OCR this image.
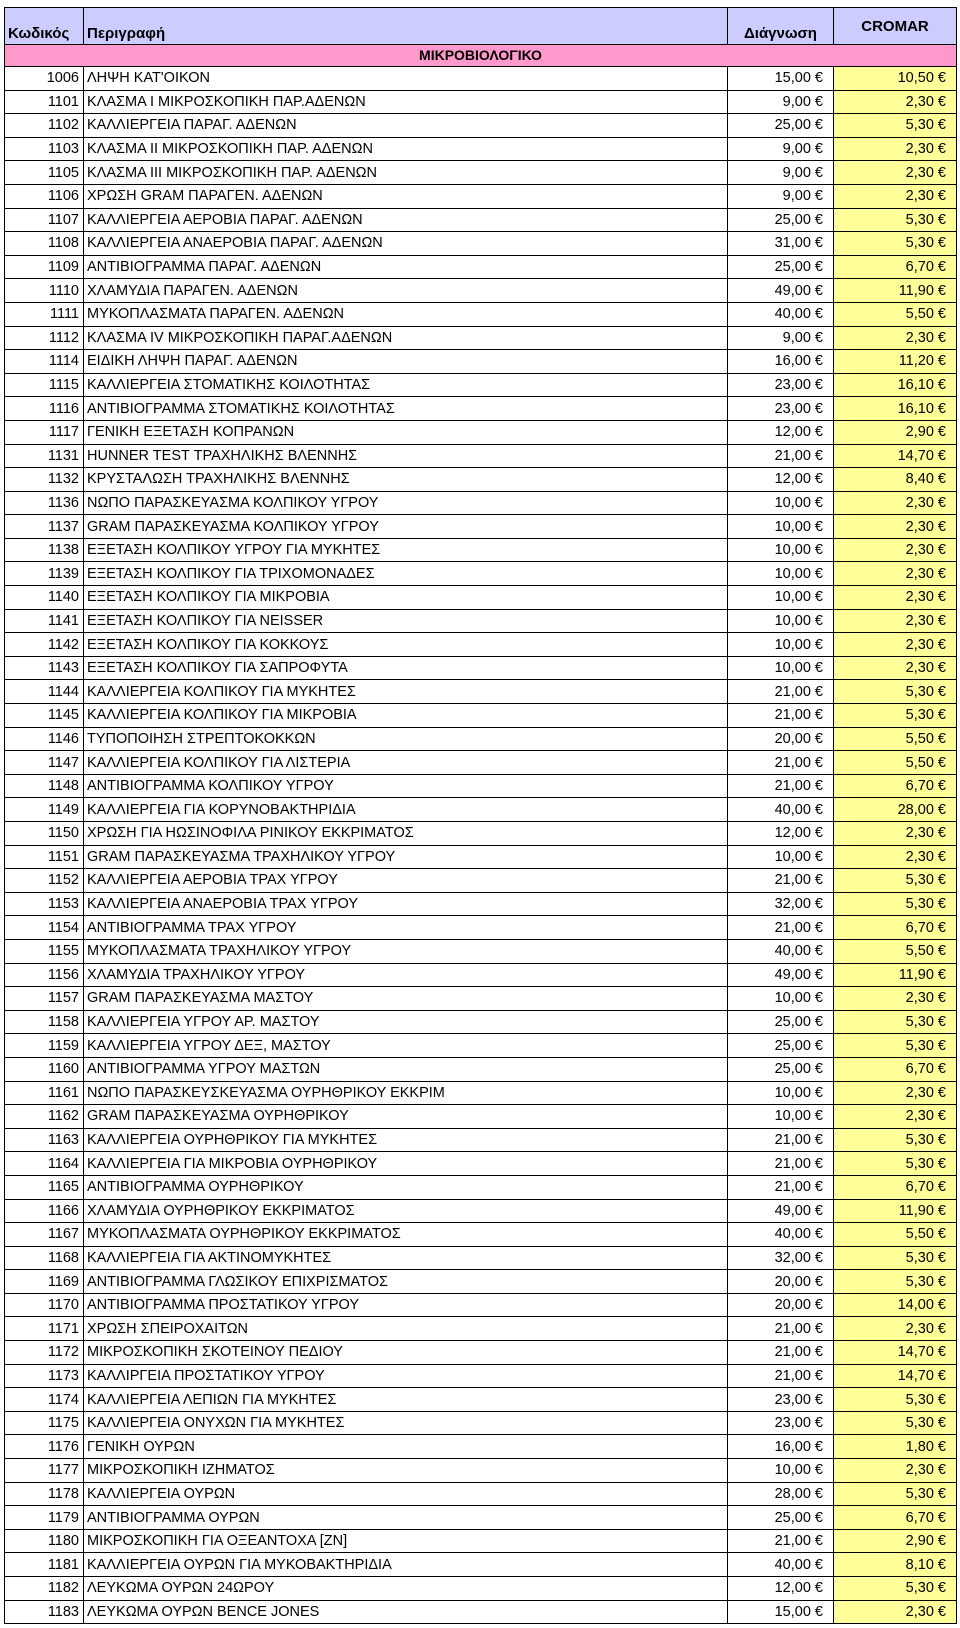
Κωδικός	Περιγραφή	Διάγνωση	CROMAR
ΜΙΚΡΟΒΙΟΛΟΓΙΚΟ			
1006	ΛΗΨΗ ΚΑΤ'ΟΙΚΟΝ	15,00 €	10,50 €
1101	ΚΛΑΣΜΑ Ι ΜΙΚΡΟΣΚΟΠΙΚΗ ΠΑΡ.ΑΔΕΝΩΝ	9,00 €	2,30 €
1102	ΚΑΛΛΙΕΡΓΕΙΑ ΠΑΡΑΓ. ΑΔΕΝΩΝ	25,00 €	5,30 €
1103	ΚΛΑΣΜΑ ΙΙ ΜΙΚΡΟΣΚΟΠΙΚΗ ΠΑΡ. ΑΔΕΝΩΝ	9,00 €	2,30 €
1105	ΚΛΑΣΜΑ ΙΙΙ ΜΙΚΡΟΣΚΟΠΙΚΗ ΠΑΡ. ΑΔΕΝΩΝ	9,00 €	2,30 €
1106	ΧΡΩΣΗ GRAM ΠΑΡΑΓΕΝ. ΑΔΕΝΩΝ	9,00 €	2,30 €
1107	ΚΑΛΛΙΕΡΓΕΙΑ ΑΕΡΟΒΙΑ ΠΑΡΑΓ. ΑΔΕΝΩΝ	25,00 €	5,30 €
1108	ΚΑΛΛΙΕΡΓΕΙΑ ΑΝΑΕΡΟΒΙΑ ΠΑΡΑΓ. ΑΔΕΝΩΝ	31,00 €	5,30 €
1109	ΑΝΤΙΒΙΟΓΡΑΜΜΑ ΠΑΡΑΓ. ΑΔΕΝΩΝ	25,00 €	6,70 €
1110	ΧΛΑΜΥΔΙΑ ΠΑΡΑΓΕΝ. ΑΔΕΝΩΝ	49,00 €	11,90 €
1111	ΜΥΚΟΠΛΑΣΜΑΤΑ ΠΑΡΑΓΕΝ. ΑΔΕΝΩΝ	40,00 €	5,50 €
1112	ΚΛΑΣΜΑ IV ΜΙΚΡΟΣΚΟΠΙΚΗ ΠΑΡΑΓ.ΑΔΕΝΩΝ	9,00 €	2,30 €
1114	ΕΙΔΙΚΗ ΛΗΨΗ ΠΑΡΑΓ. ΑΔΕΝΩΝ	16,00 €	11,20 €
1115	ΚΑΛΛΙΕΡΓΕΙΑ ΣΤΟΜΑΤΙΚΗΣ ΚΟΙΛΟΤΗΤΑΣ	23,00 €	16,10 €
1116	ΑΝΤΙΒΙΟΓΡΑΜΜΑ ΣΤΟΜΑΤΙΚΗΣ ΚΟΙΛΟΤΗΤΑΣ	23,00 €	16,10 €
1117	ΓΕΝΙΚΗ ΕΞΕΤΑΣΗ ΚΟΠΡΑΝΩΝ	12,00 €	2,90 €
1131	HUNNER TEST ΤΡΑΧΗΛΙΚΗΣ ΒΛΕΝΝΗΣ	21,00 €	14,70 €
1132	ΚΡΥΣΤΑΛΩΣΗ ΤΡΑΧΗΛΙΚΗΣ ΒΛΕΝΝΗΣ	12,00 €	8,40 €
1136	ΝΩΠΟ ΠΑΡΑΣΚΕΥΑΣΜΑ ΚΟΛΠΙΚΟΥ ΥΓΡΟΥ	10,00 €	2,30 €
1137	GRAM ΠΑΡΑΣΚΕΥΑΣΜΑ ΚΟΛΠΙΚΟΥ ΥΓΡΟΥ	10,00 €	2,30 €
1138	ΕΞΕΤΑΣΗ ΚΟΛΠΙΚΟΥ ΥΓΡΟΥ ΓΙΑ ΜΥΚΗΤΕΣ	10,00 €	2,30 €
1139	ΕΞΕΤΑΣΗ ΚΟΛΠΙΚΟΥ ΓΙΑ ΤΡΙΧΟΜΟΝΑΔΕΣ	10,00 €	2,30 €
1140	ΕΞΕΤΑΣΗ ΚΟΛΠΙΚΟΥ ΓΙΑ ΜΙΚΡΟΒΙΑ	10,00 €	2,30 €
1141	ΕΞΕΤΑΣΗ ΚΟΛΠΙΚΟΥ ΓΙΑ NEISSER	10,00 €	2,30 €
1142	ΕΞΕΤΑΣΗ ΚΟΛΠΙΚΟΥ ΓΙΑ ΚΟΚΚΟΥΣ	10,00 €	2,30 €
1143	ΕΞΕΤΑΣΗ ΚΟΛΠΙΚΟΥ ΓΙΑ ΣΑΠΡΟΦΥΤΑ	10,00 €	2,30 €
1144	ΚΑΛΛΙΕΡΓΕΙΑ ΚΟΛΠΙΚΟΥ ΓΙΑ ΜΥΚΗΤΕΣ	21,00 €	5,30 €
1145	ΚΑΛΛΙΕΡΓΕΙΑ ΚΟΛΠΙΚΟΥ ΓΙΑ ΜΙΚΡΟΒΙΑ	21,00 €	5,30 €
1146	ΤΥΠΟΠΟΙΗΣΗ ΣΤΡΕΠΤΟΚΟΚΚΩΝ	20,00 €	5,50 €
1147	ΚΑΛΛΙΕΡΓΕΙΑ ΚΟΛΠΙΚΟΥ ΓΙΑ ΛΙΣΤΕΡΙΑ	21,00 €	5,50 €
1148	ΑΝΤΙΒΙΟΓΡΑΜΜΑ ΚΟΛΠΙΚΟΥ ΥΓΡΟΥ	21,00 €	6,70 €
1149	ΚΑΛΛΙΕΡΓΕΙΑ ΓΙΑ ΚΟΡΥΝΟΒΑΚΤΗΡΙΔΙΑ	40,00 €	28,00 €
1150	ΧΡΩΣΗ ΓΙΑ ΗΩΣΙΝΟΦΙΛΑ ΡΙΝΙΚΟΥ ΕΚΚΡΙΜΑΤΟΣ	12,00 €	2,30 €
1151	GRAM ΠΑΡΑΣΚΕΥΑΣΜΑ ΤΡΑΧΗΛΙΚΟΥ ΥΓΡΟΥ	10,00 €	2,30 €
1152	ΚΑΛΛΙΕΡΓΕΙΑ ΑΕΡΟΒΙΑ ΤΡΑΧ ΥΓΡΟΥ	21,00 €	5,30 €
1153	ΚΑΛΛΙΕΡΓΕΙΑ ΑΝΑΕΡΟΒΙΑ ΤΡΑΧ ΥΓΡΟΥ	32,00 €	5,30 €
1154	ΑΝΤΙΒΙΟΓΡΑΜΜΑ ΤΡΑΧ ΥΓΡΟΥ	21,00 €	6,70 €
1155	ΜΥΚΟΠΛΑΣΜΑΤΑ ΤΡΑΧΗΛΙΚΟΥ ΥΓΡΟΥ	40,00 €	5,50 €
1156	ΧΛΑΜΥΔΙΑ ΤΡΑΧΗΛΙΚΟΥ ΥΓΡΟΥ	49,00 €	11,90 €
1157	GRAM ΠΑΡΑΣΚΕΥΑΣΜΑ ΜΑΣΤΟΥ	10,00 €	2,30 €
1158	ΚΑΛΛΙΕΡΓΕΙΑ ΥΓΡΟΥ ΑΡ. ΜΑΣΤΟΥ	25,00 €	5,30 €
1159	ΚΑΛΛΙΕΡΓΕΙΑ ΥΓΡΟΥ ΔΕΞ, ΜΑΣΤΟΥ	25,00 €	5,30 €
1160	ΑΝΤΙΒΙΟΓΡΑΜΜΑ ΥΓΡΟΥ ΜΑΣΤΩΝ	25,00 €	6,70 €
1161	ΝΩΠΟ ΠΑΡΑΣΚΕΥΣΚΕΥΑΣΜΑ ΟΥΡΗΘΡΙΚΟΥ ΕΚΚΡΙΜ	10,00 €	2,30 €
1162	GRAM ΠΑΡΑΣΚΕΥΑΣΜΑ ΟΥΡΗΘΡΙΚΟΥ	10,00 €	2,30 €
1163	ΚΑΛΛΙΕΡΓΕΙΑ ΟΥΡΗΘΡΙΚΟΥ ΓΙΑ ΜΥΚΗΤΕΣ	21,00 €	5,30 €
1164	ΚΑΛΛΙΕΡΓΕΙΑ ΓΙΑ ΜΙΚΡΟΒΙΑ ΟΥΡΗΘΡΙΚΟΥ	21,00 €	5,30 €
1165	ΑΝΤΙΒΙΟΓΡΑΜΜΑ ΟΥΡΗΘΡΙΚΟΥ	21,00 €	6,70 €
1166	ΧΛΑΜΥΔΙΑ ΟΥΡΗΘΡΙΚΟΥ ΕΚΚΡΙΜΑΤΟΣ	49,00 €	11,90 €
1167	ΜΥΚΟΠΛΑΣΜΑΤΑ ΟΥΡΗΘΡΙΚΟΥ ΕΚΚΡΙΜΑΤΟΣ	40,00 €	5,50 €
1168	ΚΑΛΛΙΕΡΓΕΙΑ ΓΙΑ ΑΚΤΙΝΟΜΥΚΗΤΕΣ	32,00 €	5,30 €
1169	ΑΝΤΙΒΙΟΓΡΑΜΜΑ ΓΛΩΣΙΚΟΥ ΕΠΙΧΡΙΣΜΑΤΟΣ	20,00 €	5,30 €
1170	ΑΝΤΙΒΙΟΓΡΑΜΜΑ ΠΡΟΣΤΑΤΙΚΟΥ ΥΓΡΟΥ	20,00 €	14,00 €
1171	ΧΡΩΣΗ ΣΠΕΙΡΟΧΑΙΤΩΝ	21,00 €	2,30 €
1172	ΜΙΚΡΟΣΚΟΠΙΚΗ ΣΚΟΤΕΙΝΟΥ ΠΕΔΙΟΥ	21,00 €	14,70 €
1173	ΚΑΛΛΙΡΓΕΙΑ ΠΡΟΣΤΑΤΙΚΟΥ ΥΓΡΟΥ	21,00 €	14,70 €
1174	ΚΑΛΛΙΕΡΓΕΙΑ ΛΕΠΙΩΝ ΓΙΑ ΜΥΚΗΤΕΣ	23,00 €	5,30 €
1175	ΚΑΛΛΙΕΡΓΕΙΑ ΟΝΥΧΩΝ ΓΙΑ ΜΥΚΗΤΕΣ	23,00 €	5,30 €
1176	ΓΕΝΙΚΗ ΟΥΡΩΝ	16,00 €	1,80 €
1177	ΜΙΚΡΟΣΚΟΠΙΚΗ ΙΖΗΜΑΤΟΣ	10,00 €	2,30 €
1178	ΚΑΛΛΙΕΡΓΕΙΑ ΟΥΡΩΝ	28,00 €	5,30 €
1179	ΑΝΤΙΒΙΟΓΡΑΜΜΑ ΟΥΡΩΝ	25,00 €	6,70 €
1180	ΜΙΚΡΟΣΚΟΠΙΚΗ ΓΙΑ ΟΞΕΑΝΤΟΧΑ [ΖΝ]	21,00 €	2,90 €
1181	ΚΑΛΛΙΕΡΓΕΙΑ ΟΥΡΩΝ ΓΙΑ ΜΥΚΟΒΑΚΤΗΡΙΔΙΑ	40,00 €	8,10 €
1182	ΛΕΥΚΩΜΑ ΟΥΡΩΝ 24ΩΡΟΥ	12,00 €	5,30 €
1183	ΛΕΥΚΩΜΑ ΟΥΡΩΝ BENCE JONES	15,00 €	2,30 €
